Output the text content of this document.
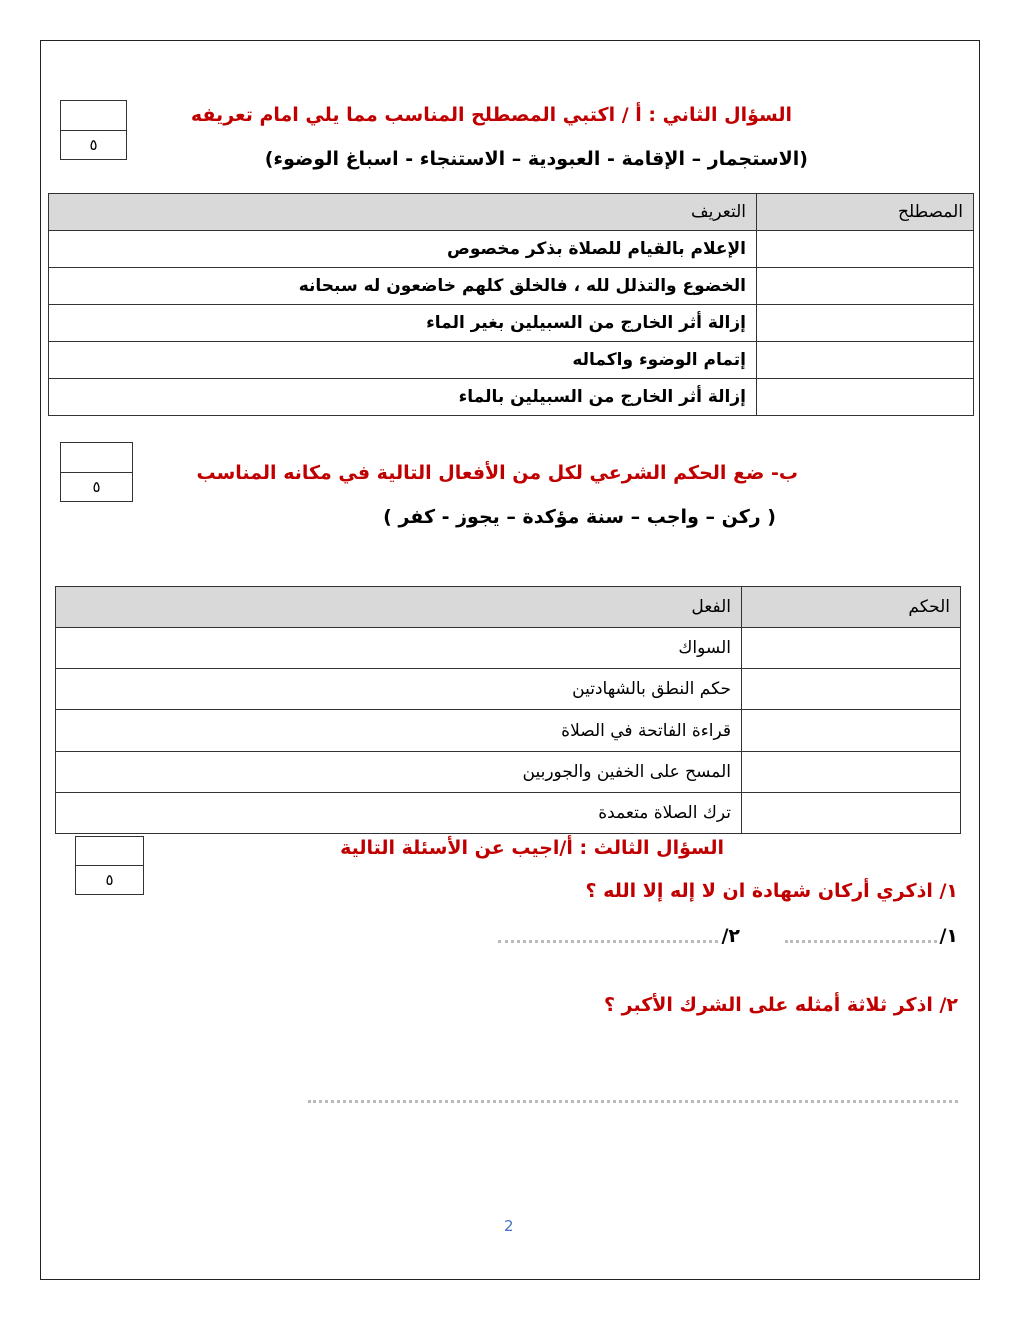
٥
السؤال الثاني : أ / اكتبي المصطلح المناسب مما يلي امام تعريفه
(الاستجمار – الإقامة - العبودية – الاستنجاء - اسباغ الوضوء)
المصطلح	التعريف
	الإعلام بالقيام للصلاة بذكر مخصوص
	الخضوع والتذلل لله ، فالخلق كلهم خاضعون له سبحانه
	إزالة أثر الخارج من السبيلين بغير الماء
	إتمام الوضوء واكماله
	إزالة أثر الخارج من السبيلين بالماء
٥
ب- ضع الحكم الشرعي لكل من الأفعال التالية في مكانه المناسب
( ركن – واجب – سنة مؤكدة – يجوز - كفر )
الحكم	الفعل
	السواك
	حكم النطق بالشهادتين
	قراءة الفاتحة في الصلاة
	المسح على الخفين والجوربين
	ترك الصلاة متعمدة
٥
السؤال الثالث : أ/اجيب عن الأسئلة التالية
١/ اذكري أركان شهادة ان لا إله إلا الله ؟
١/
٢/
٢/ اذكر ثلاثة أمثله على الشرك الأكبر ؟
2
